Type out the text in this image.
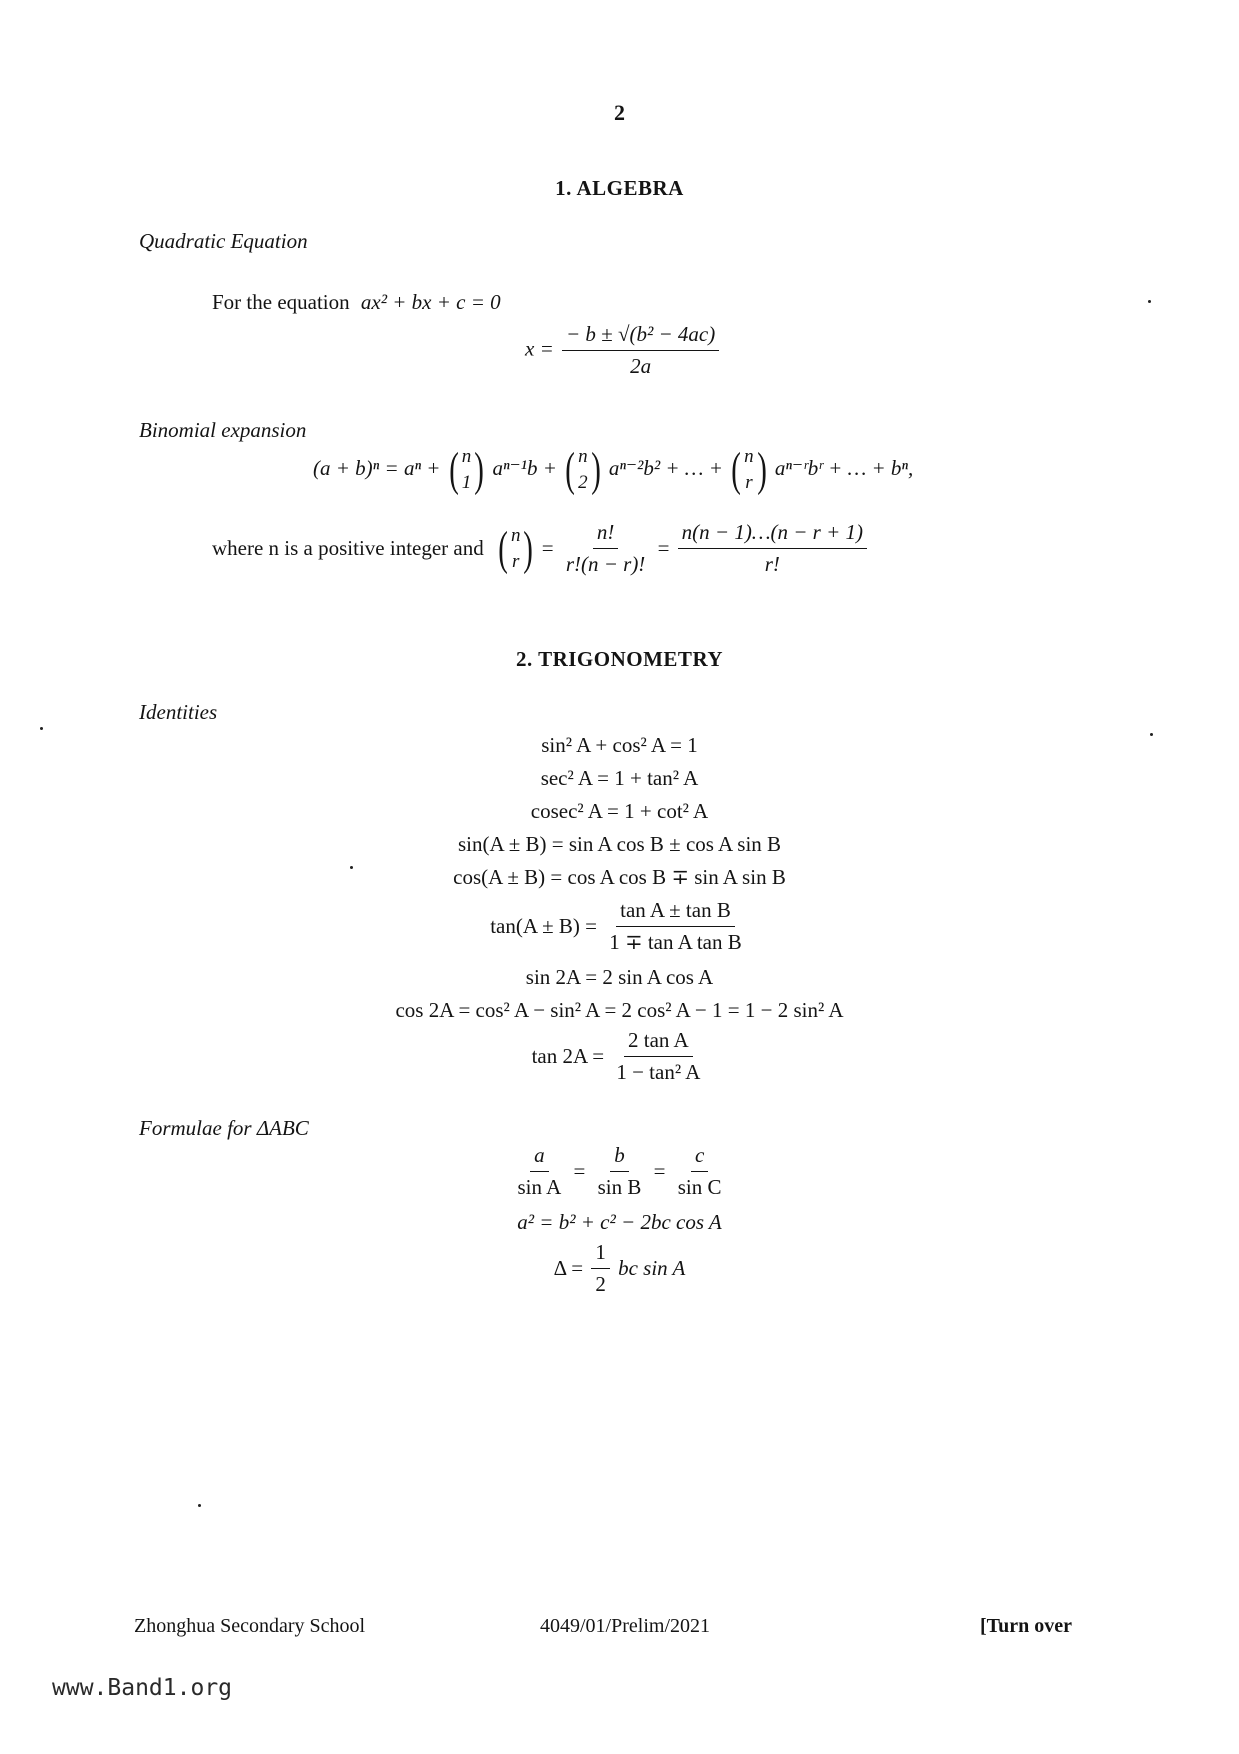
2
1. ALGEBRA
Quadratic Equation
For the equation ax² + bx + c = 0
$x = \frac{\text{− b ± √(b² − 4ac)}}{2a}$
Binomial expansion
(a + b)ⁿ = aⁿ + ( n
1 ) aⁿ⁻¹b + ( n
2 ) aⁿ⁻²b² + … + ( n
r ) aⁿ⁻ʳbʳ + … + bⁿ,
where n is a positive integer and ( n
r ) = $\frac{n!}{r!(n - r)!} = \frac{n(n - 1)\dots(n - r + 1)}{r!}$
2. TRIGONOMETRY
Identities
sin² A + cos² A = 1
sec² A = 1 + tan² A
cosec² A = 1 + cot² A
sin(A ± B) = sin A cos B ± cos A sin B
cos(A ± B) = cos A cos B ∓ sin A sin B
$\tan(A \pm B) = \frac{\text{tan A ± tan B}}{\text{1 ∓ tan A tan B}}$
sin 2A = 2 sin A cos A
cos 2A = cos² A − sin² A = 2 cos² A − 1 = 1 − 2 sin² A
$\tan 2A = \frac{\text{2 tan A}}{\text{1 − tan² A}}$
Formulae for ΔABC
$\frac{a}{\text{sin A}} = \frac{b}{\text{sin B}} = \frac{c}{\text{sin C}}$
a² = b² + c² − 2bc cos A
$\Delta = \frac{1}{2}$ bc sin A
Zhonghua Secondary School	4049/01/Prelim/2021	[Turn over
www.Band1.org
